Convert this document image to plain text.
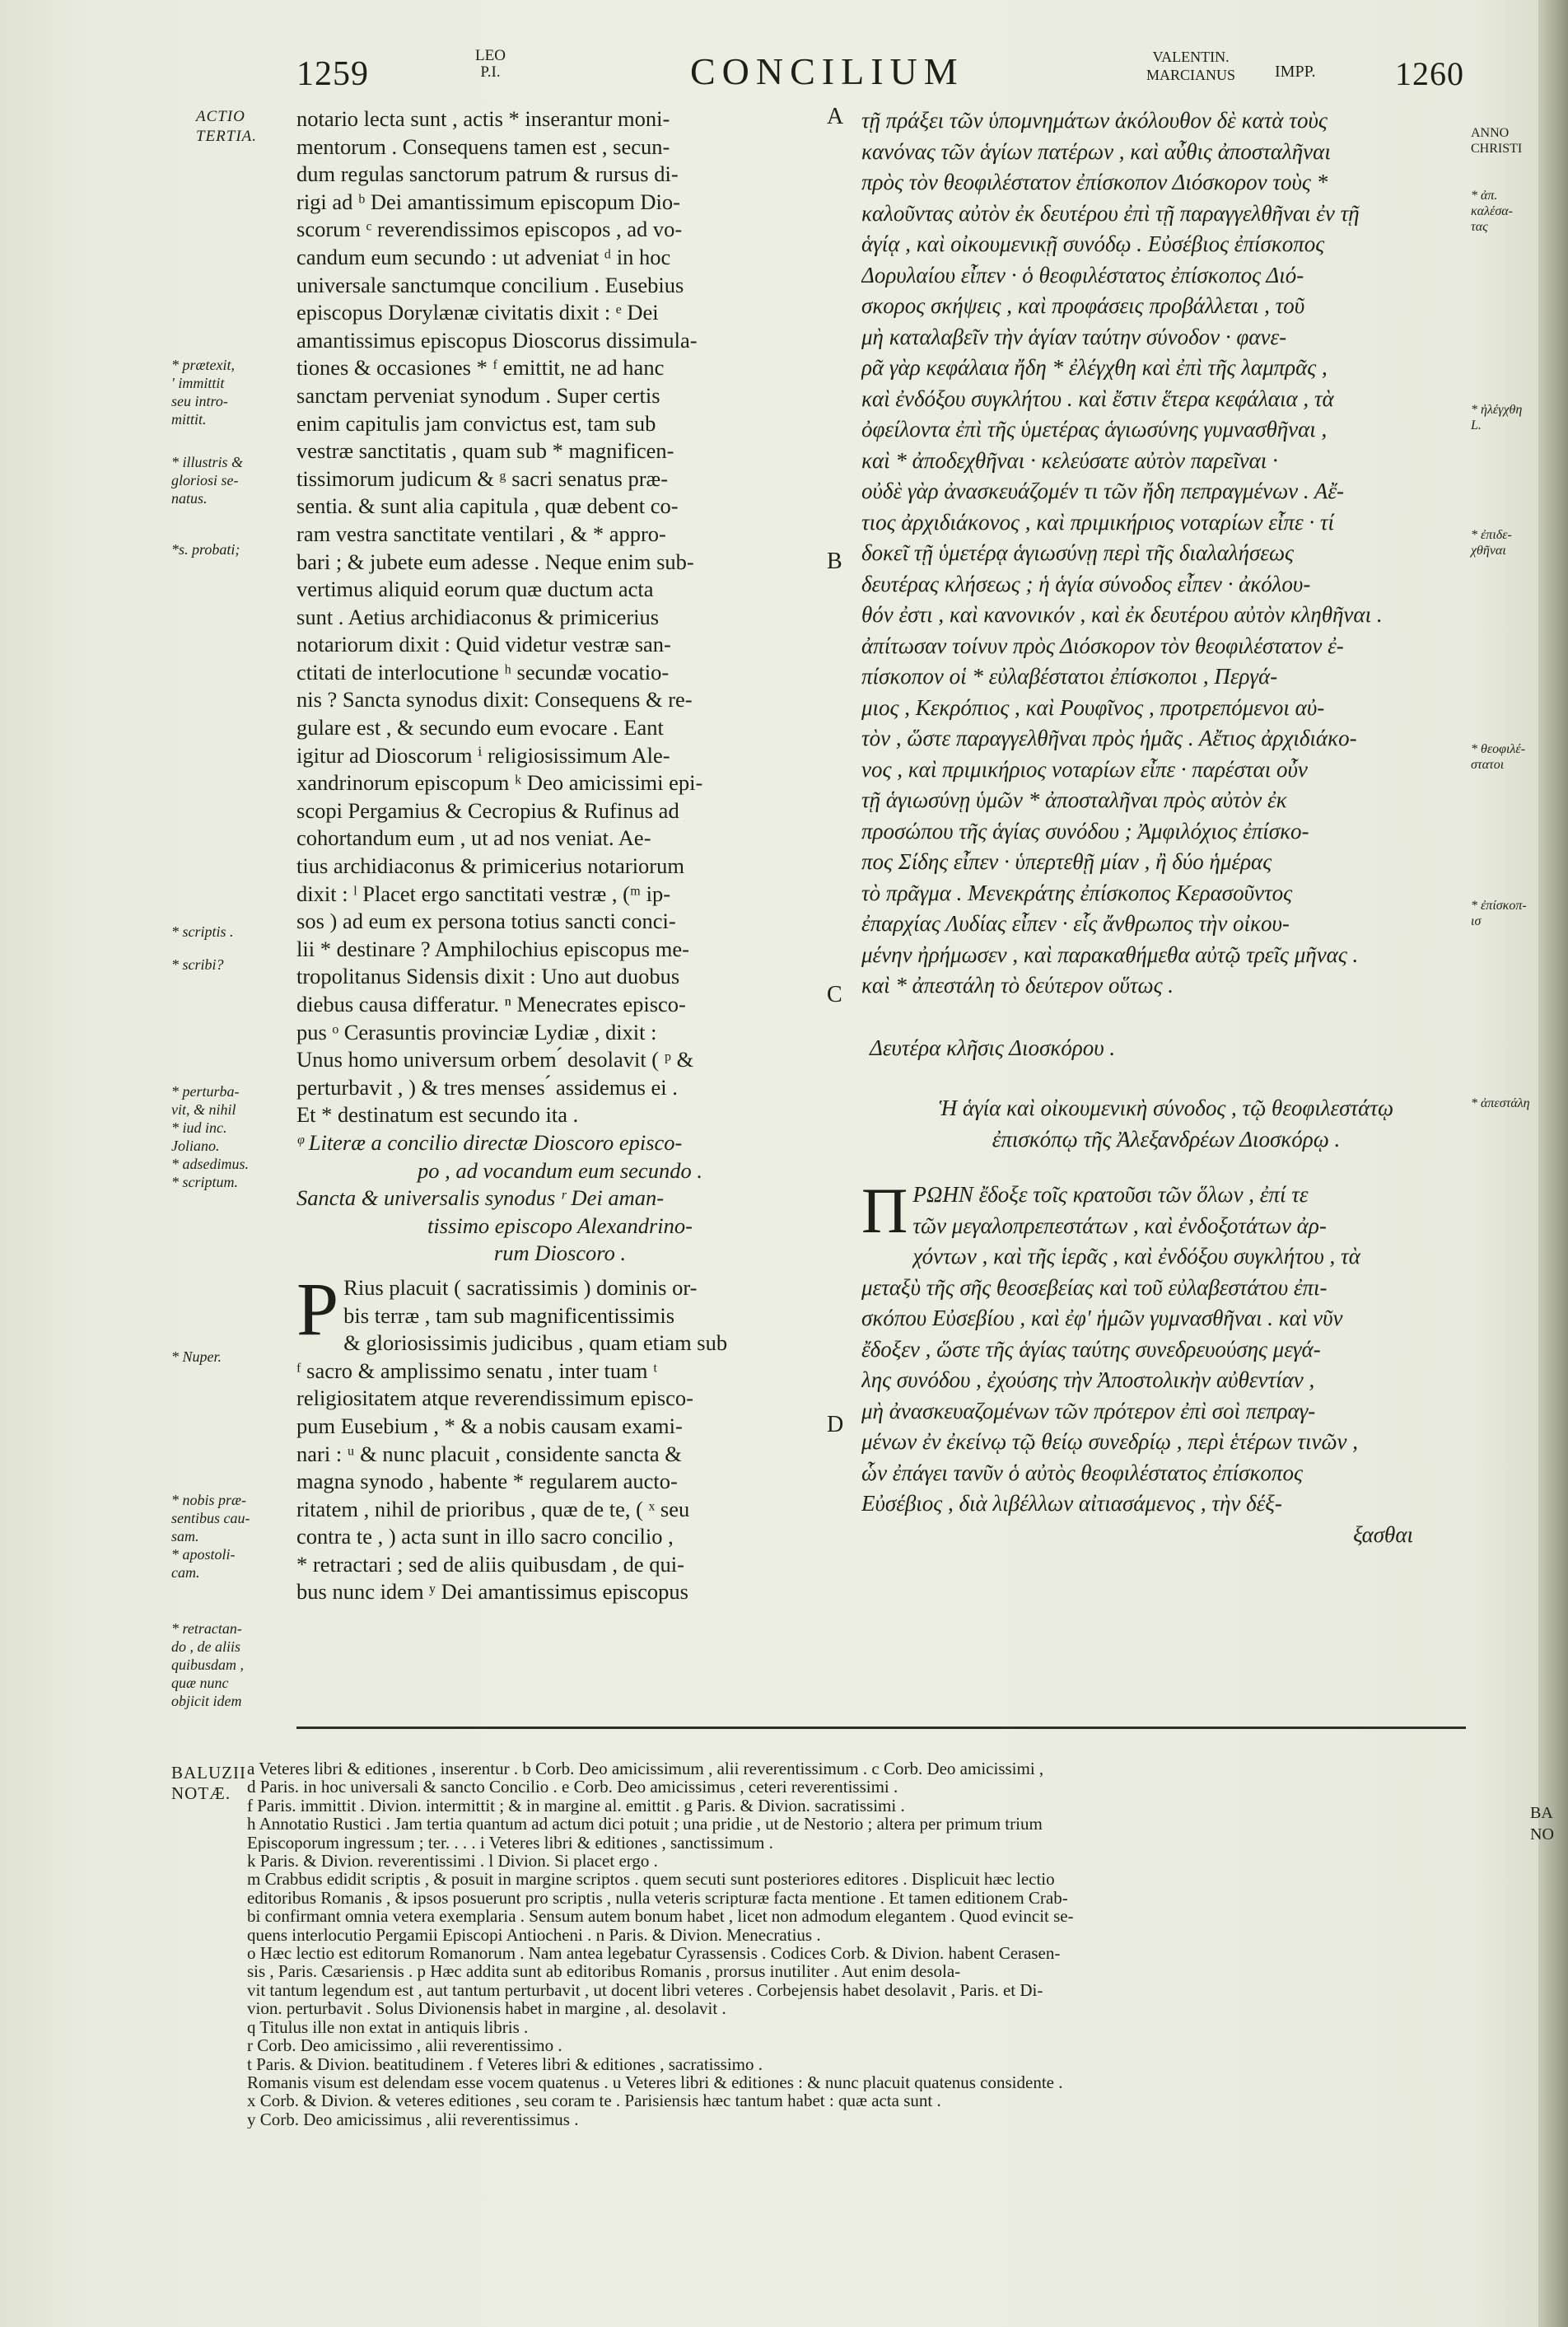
1259	LEO
P.I.	CONCILIUM	VALENTIN.
MARCIANUS IMPP. 1260
ACTIO
TERTIA.
* prætexit,
' immittit
seu intro-
mittit.
* illustris &
gloriosi se-
natus.
*s. probati;
* scriptis .
* scribi?
* perturba-
vit, & nihil
* iud inc.
Joliano.
* adsedimus.
* scriptum.
* Nuper.
* nobis præ-
sentibus cau-
sam.
* apostoli-
cam.
* retractan-
do , de aliis
quibusdam ,
quæ nunc
objicit idem
notario lecta sunt , actis * inserantur moni-
mentorum . Consequens tamen est , secun-
dum regulas sanctorum patrum & rursus di-
rigi ad ᵇ Dei amantissimum episcopum Dio-
scorum ᶜ reverendissimos episcopos , ad vo-
candum eum secundo : ut adveniat ᵈ in hoc
universale sanctumque concilium . Eusebius
episcopus Dorylænæ civitatis dixit : ᵉ Dei
amantissimus episcopus Dioscorus dissimula-
tiones & occasiones * ᶠ emittit, ne ad hanc
sanctam perveniat synodum . Super certis
enim capitulis jam convictus est, tam sub
vestræ sanctitatis , quam sub * magnificen-
tissimorum judicum & ᵍ sacri senatus præ-
sentia. & sunt alia capitula , quæ debent co-
ram vestra sanctitate ventilari , & * appro-
bari ; & jubete eum adesse . Neque enim sub-
vertimus aliquid eorum quæ ductum acta
sunt . Aetius archidiaconus & primicerius
notariorum dixit : Quid videtur vestræ san-
ctitati de interlocutione ʰ secundæ vocatio-
nis ? Sancta synodus dixit: Consequens & re-
gulare est , & secundo eum evocare . Eant
igitur ad Dioscorum ⁱ religiosissimum Ale-
xandrinorum episcopum ᵏ Deo amicissimi epi-
scopi Pergamius & Cecropius & Rufinus ad
cohortandum eum , ut ad nos veniat. Ae-
tius archidiaconus & primicerius notariorum
dixit : ˡ Placet ergo sanctitati vestræ , (ᵐ ip-
sos ) ad eum ex persona totius sancti conci-
lii * destinare ? Amphilochius episcopus me-
tropolitanus Sidensis dixit : Uno aut duobus
diebus causa differatur. ⁿ Menecrates episco-
pus ᵒ Cerasuntis provinciæ Lydiæ , dixit :
Unus homo universum orbem ́ desolavit ( ᵖ &
perturbavit , ) & tres menses ́ assidemus ei .
Et * destinatum est secundo ita .
ᵠ Literæ a concilio directæ Dioscoro episco-
po , ad vocandum eum secundo .
Sancta & universalis synodus ʳ Dei aman-
tissimo episcopo Alexandrino-
rum Dioscoro .
P Rius placuit ( sacratissimis ) dominis or-
bis terræ , tam sub magnificentissimis
& gloriosissimis judicibus , quam etiam sub
ᶠ sacro & amplissimo senatu , inter tuam ᵗ
religiositatem atque reverendissimum episco-
pum Eusebium , * & a nobis causam exami-
nari : ᵘ & nunc placuit , considente sancta &
magna synodo , habente * regularem aucto-
ritatem , nihil de prioribus , quæ de te, ( ˣ seu
contra te , ) acta sunt in illo sacro concilio ,
* retractari ; sed de aliis quibusdam , de qui-
bus nunc idem ʸ Dei amantissimus episcopus
A
B
C
D
τῇ πράξει τῶν ὑπομνημάτων ἀκόλουθον δὲ κατὰ τοὺς
κανόνας τῶν ἁγίων πατέρων , καὶ αὖθις ἀποσταλῆναι
πρὸς τὸν θεοφιλέστατον ἐπίσκοπον Διόσκορον τοὺς *
καλοῦντας αὐτὸν ἐκ δευτέρου ἐπὶ τῇ παραγγελθῆναι ἐν τῇ
ἁγίᾳ , καὶ οἰκουμενικῇ συνόδῳ . Εὐσέβιος ἐπίσκοπος
Δορυλαίου εἶπεν · ὁ θεοφιλέστατος ἐπίσκοπος Διό-
σκορος σκήψεις , καὶ προφάσεις προβάλλεται , τοῦ
μὴ καταλαβεῖν τὴν ἁγίαν ταύτην σύνοδον · φανε-
ρᾶ γὰρ κεφάλαια ἤδη * ἐλέγχθη καὶ ἐπὶ τῆς λαμπρᾶς ,
καὶ ἐνδόξου συγκλήτου . καὶ ἔστιν ἕτερα κεφάλαια , τὰ
ὀφείλοντα ἐπὶ τῆς ὑμετέρας ἁγιωσύνης γυμνασθῆναι ,
καὶ * ἀποδεχθῆναι · κελεύσατε αὐτὸν παρεῖναι ·
οὐδὲ γὰρ ἀνασκευάζομέν τι τῶν ἤδη πεπραγμένων . Αἔ-
τιος ἀρχιδιάκονος , καὶ πριμικήριος νοταρίων εἶπε · τί
δοκεῖ τῇ ὑμετέρᾳ ἁγιωσύνῃ περὶ τῆς διαλαλήσεως
δευτέρας κλήσεως ; ἡ ἁγία σύνοδος εἶπεν · ἀκόλου-
θόν ἐστι , καὶ κανονικόν , καὶ ἐκ δευτέρου αὐτὸν κληθῆναι .
ἀπίτωσαν τοίνυν πρὸς Διόσκορον τὸν θεοφιλέστατον ἐ-
πίσκοπον οἱ * εὐλαβέστατοι ἐπίσκοποι , Περγά-
μιος , Κεκρόπιος , καὶ Ρουφῖνος , προτρεπόμενοι αὐ-
τὸν , ὥστε παραγγελθῆναι πρὸς ἡμᾶς . Αἔτιος ἀρχιδιάκο-
νος , καὶ πριμικήριος νοταρίων εἶπε · παρέσται οὖν
τῇ ἁγιωσύνῃ ὑμῶν * ἀποσταλῆναι πρὸς αὐτὸν ἐκ
προσώπου τῆς ἁγίας συνόδου ; Ἀμφιλόχιος ἐπίσκο-
πος Σίδης εἶπεν · ὑπερτεθῇ μίαν , ἢ δύο ἡμέρας
τὸ πρᾶγμα . Μενεκράτης ἐπίσκοπος Κερασοῦντος
ἐπαρχίας Λυδίας εἶπεν · εἷς ἄνθρωπος τὴν οἰκου-
μένην ἠρήμωσεν , καὶ παρακαθήμεθα αὐτῷ τρεῖς μῆνας .
καὶ * ἀπεστάλη τὸ δεύτερον οὕτως .
Δευτέρα κλῆσις Διοσκόρου .
Ἡ ἁγία καὶ οἰκουμενικὴ σύνοδος , τῷ θεοφιλεστάτῳ
ἐπισκόπῳ τῆς Ἀλεξανδρέων Διοσκόρῳ .
Π ΡΩΗΝ ἔδοξε τοῖς κρατοῦσι τῶν ὅλων , ἐπί τε
τῶν μεγαλοπρεπεστάτων , καὶ ἐνδοξοτάτων ἀρ-
χόντων , καὶ τῆς ἱερᾶς , καὶ ἐνδόξου συγκλήτου , τὰ
μεταξὺ τῆς σῆς θεοσεβείας καὶ τοῦ εὐλαβεστάτου ἐπι-
σκόπου Εὐσεβίου , καὶ ἐφ' ἡμῶν γυμνασθῆναι . καὶ νῦν
ἔδοξεν , ὥστε τῆς ἁγίας ταύτης συνεδρευούσης μεγά-
λης συνόδου , ἐχούσης τὴν Ἀποστολικὴν αὐθεντίαν ,
μὴ ἀνασκευαζομένων τῶν πρότερον ἐπὶ σοὶ πεπραγ-
μένων ἐν ἐκείνῳ τῷ θείῳ συνεδρίῳ , περὶ ἑτέρων τινῶν ,
ὧν ἐπάγει τανῦν ὁ αὐτὸς θεοφιλέστατος ἐπίσκοπος
Εὐσέβιος , διὰ λιβέλλων αἰτιασάμενος , τὴν δέξ-
ξασθαι
ΑΝΝΟ
CHRISTI
* ἀπ.
καλέσα-
τας
* ἠλέγχθη
L.
* ἐπιδε-
χθῆναι
* θεοφιλέ-
στατοι
* ἐπίσκοπ-
ισ
* ἀπεστάλη
BALUZII
NOTÆ.
a Veteres libri & editiones , inserentur . b Corb. Deo amicissimum , alii reverentissimum . c Corb. Deo amicissimi ,
d Paris. in hoc universali & sancto Concilio . e Corb. Deo amicissimus , ceteri reverentissimi .
f Paris. immittit . Divion. intermittit ; & in margine al. emittit . g Paris. & Divion. sacratissimi .
h Annotatio Rustici . Jam tertia quantum ad actum dici potuit ; una pridie , ut de Nestorio ; altera per primum trium
Episcoporum ingressum ; ter. . . . i Veteres libri & editiones , sanctissimum .
k Paris. & Divion. reverentissimi . l Divion. Si placet ergo .
m Crabbus edidit scriptis , & posuit in margine scriptos . quem secuti sunt posteriores editores . Displicuit hæc lectio
editoribus Romanis , & ipsos posuerunt pro scriptis , nulla veteris scripturæ facta mentione . Et tamen editionem Crab-
bi confirmant omnia vetera exemplaria . Sensum autem bonum habet , licet non admodum elegantem . Quod evincit se-
quens interlocutio Pergamii Episcopi Antiocheni . n Paris. & Divion. Menecratius .
o Hæc lectio est editorum Romanorum . Nam antea legebatur Cyrassensis . Codices Corb. & Divion. habent Cerasen-
sis , Paris. Cæsariensis . p Hæc addita sunt ab editoribus Romanis , prorsus inutiliter . Aut enim desola-
vit tantum legendum est , aut tantum perturbavit , ut docent libri veteres . Corbejensis habet desolavit , Paris. et Di-
vion. perturbavit . Solus Divionensis habet in margine , al. desolavit .
q Titulus ille non extat in antiquis libris .
r Corb. Deo amicissimo , alii reverentissimo .
t Paris. & Divion. beatitudinem . f Veteres libri & editiones , sacratissimo .
Romanis visum est delendam esse vocem quatenus . u Veteres libri & editiones : & nunc placuit quatenus considente .
x Corb. & Divion. & veteres editiones , seu coram te . Parisiensis hæc tantum habet : quæ acta sunt .
y Corb. Deo amicissimus , alii reverentissimus .
BA
NO
